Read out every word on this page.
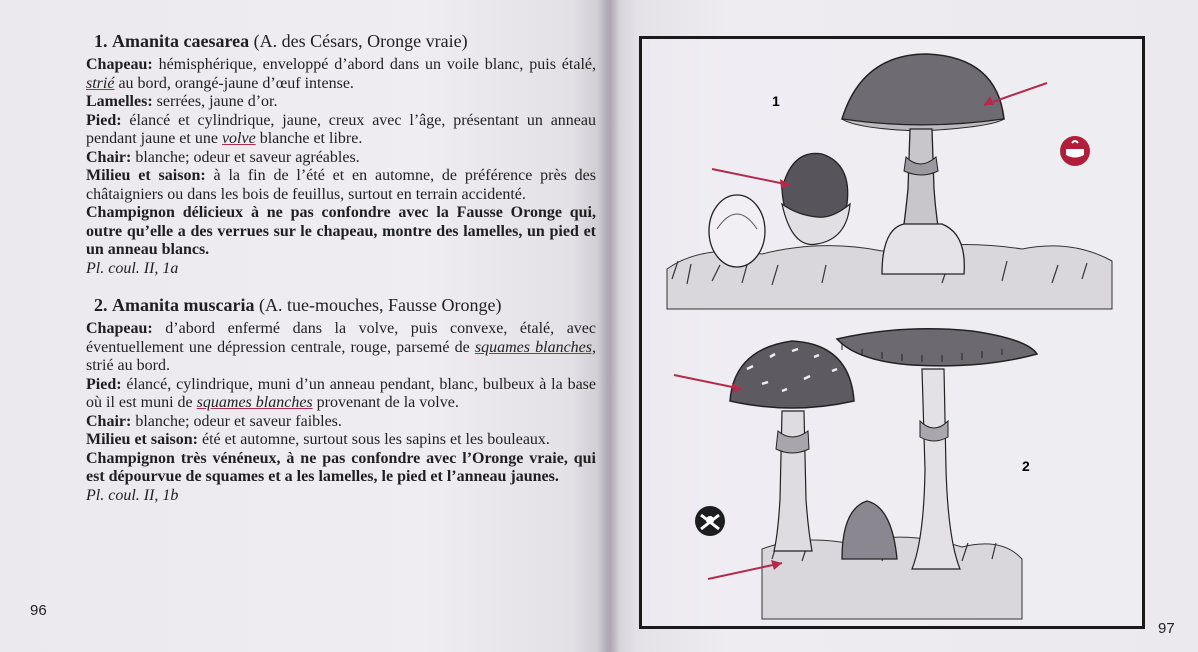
1. Amanita caesarea (A. des Césars, Oronge vraie)

Chapeau: hémisphérique, enveloppé d’abord dans un voile blanc, puis étalé, strié au bord, orangé-jaune d’œuf intense.

Lamelles: serrées, jaune d’or.

Pied: élancé et cylindrique, jaune, creux avec l’âge, présentant un anneau pendant jaune et une volve blanche et libre.

Chair: blanche; odeur et saveur agréables.

Milieu et saison: à la fin de l’été et en automne, de préférence près des châtaigniers ou dans les bois de feuillus, surtout en terrain accidenté.

Champignon délicieux à ne pas confondre avec la Fausse Oronge qui, outre qu’elle a des verrues sur le chapeau, montre des lamelles, un pied et un anneau blancs.

Pl. coul. II, 1a

2. Amanita muscaria (A. tue-mouches, Fausse Oronge)

Chapeau: d’abord enfermé dans la volve, puis convexe, étalé, avec éventuellement une dépression centrale, rouge, parsemé de squames blanches, strié au bord.

Pied: élancé, cylindrique, muni d’un anneau pendant, blanc, bulbeux à la base où il est muni de squames blanches provenant de la volve.

Chair: blanche; odeur et saveur faibles.

Milieu et saison: été et automne, surtout sous les sapins et les bouleaux.

Champignon très vénéneux, à ne pas confondre avec l’Oronge vraie, qui est dépourvue de squames et a les lamelles, le pied et l’anneau jaunes.

Pl. coul. II, 1b

96
1
2
97
